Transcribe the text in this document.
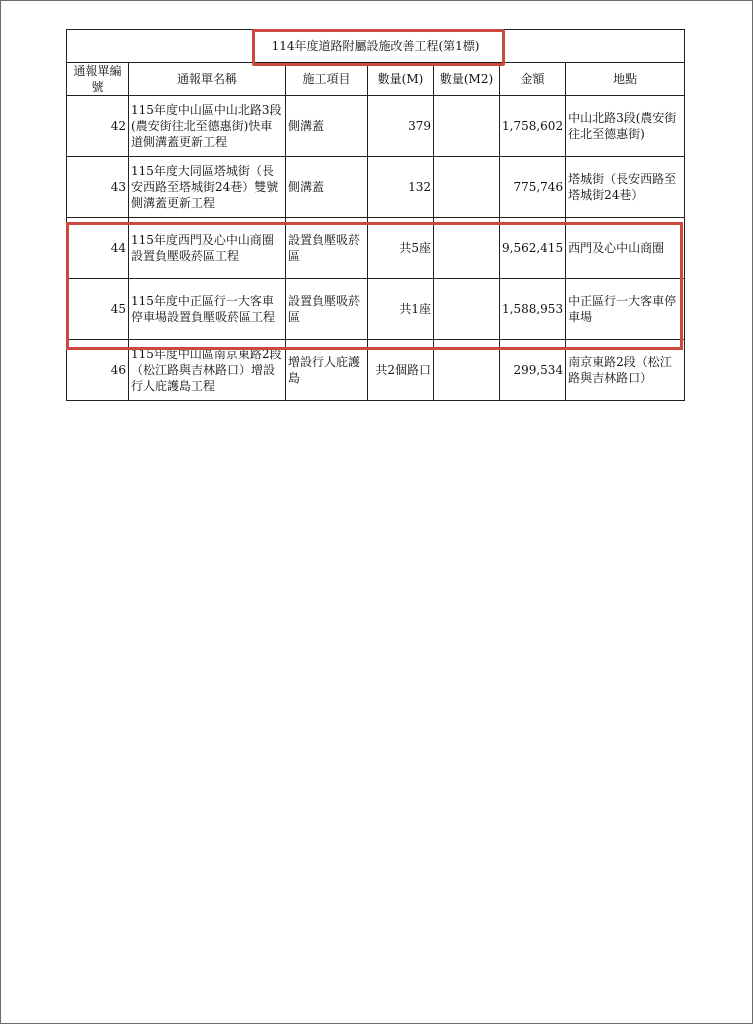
114年度道路附屬設施改善工程(第1標)						
通報單編號	通報單名稱	施工項目	數量(M)	數量(M2)	金額	地點
42	115年度中山區中山北路3段(農安街往北至德惠街)快車道側溝蓋更新工程	側溝蓋	379		1,758,602	中山北路3段(農安街往北至德惠街)
43	115年度大同區塔城街（長安西路至塔城街24巷）雙號側溝蓋更新工程	側溝蓋	132		775,746	塔城街（長安西路至塔城街24巷）
44	115年度西門及心中山商圈設置負壓吸菸區工程	設置負壓吸菸區	共5座		9,562,415	西門及心中山商圈
45	115年度中正區行一大客車停車場設置負壓吸菸區工程	設置負壓吸菸區	共1座		1,588,953	中正區行一大客車停車場
46	115年度中山區南京東路2段（松江路與吉林路口）增設行人庇護島工程	增設行人庇護島	共2個路口		299,534	南京東路2段（松江路與吉林路口）
